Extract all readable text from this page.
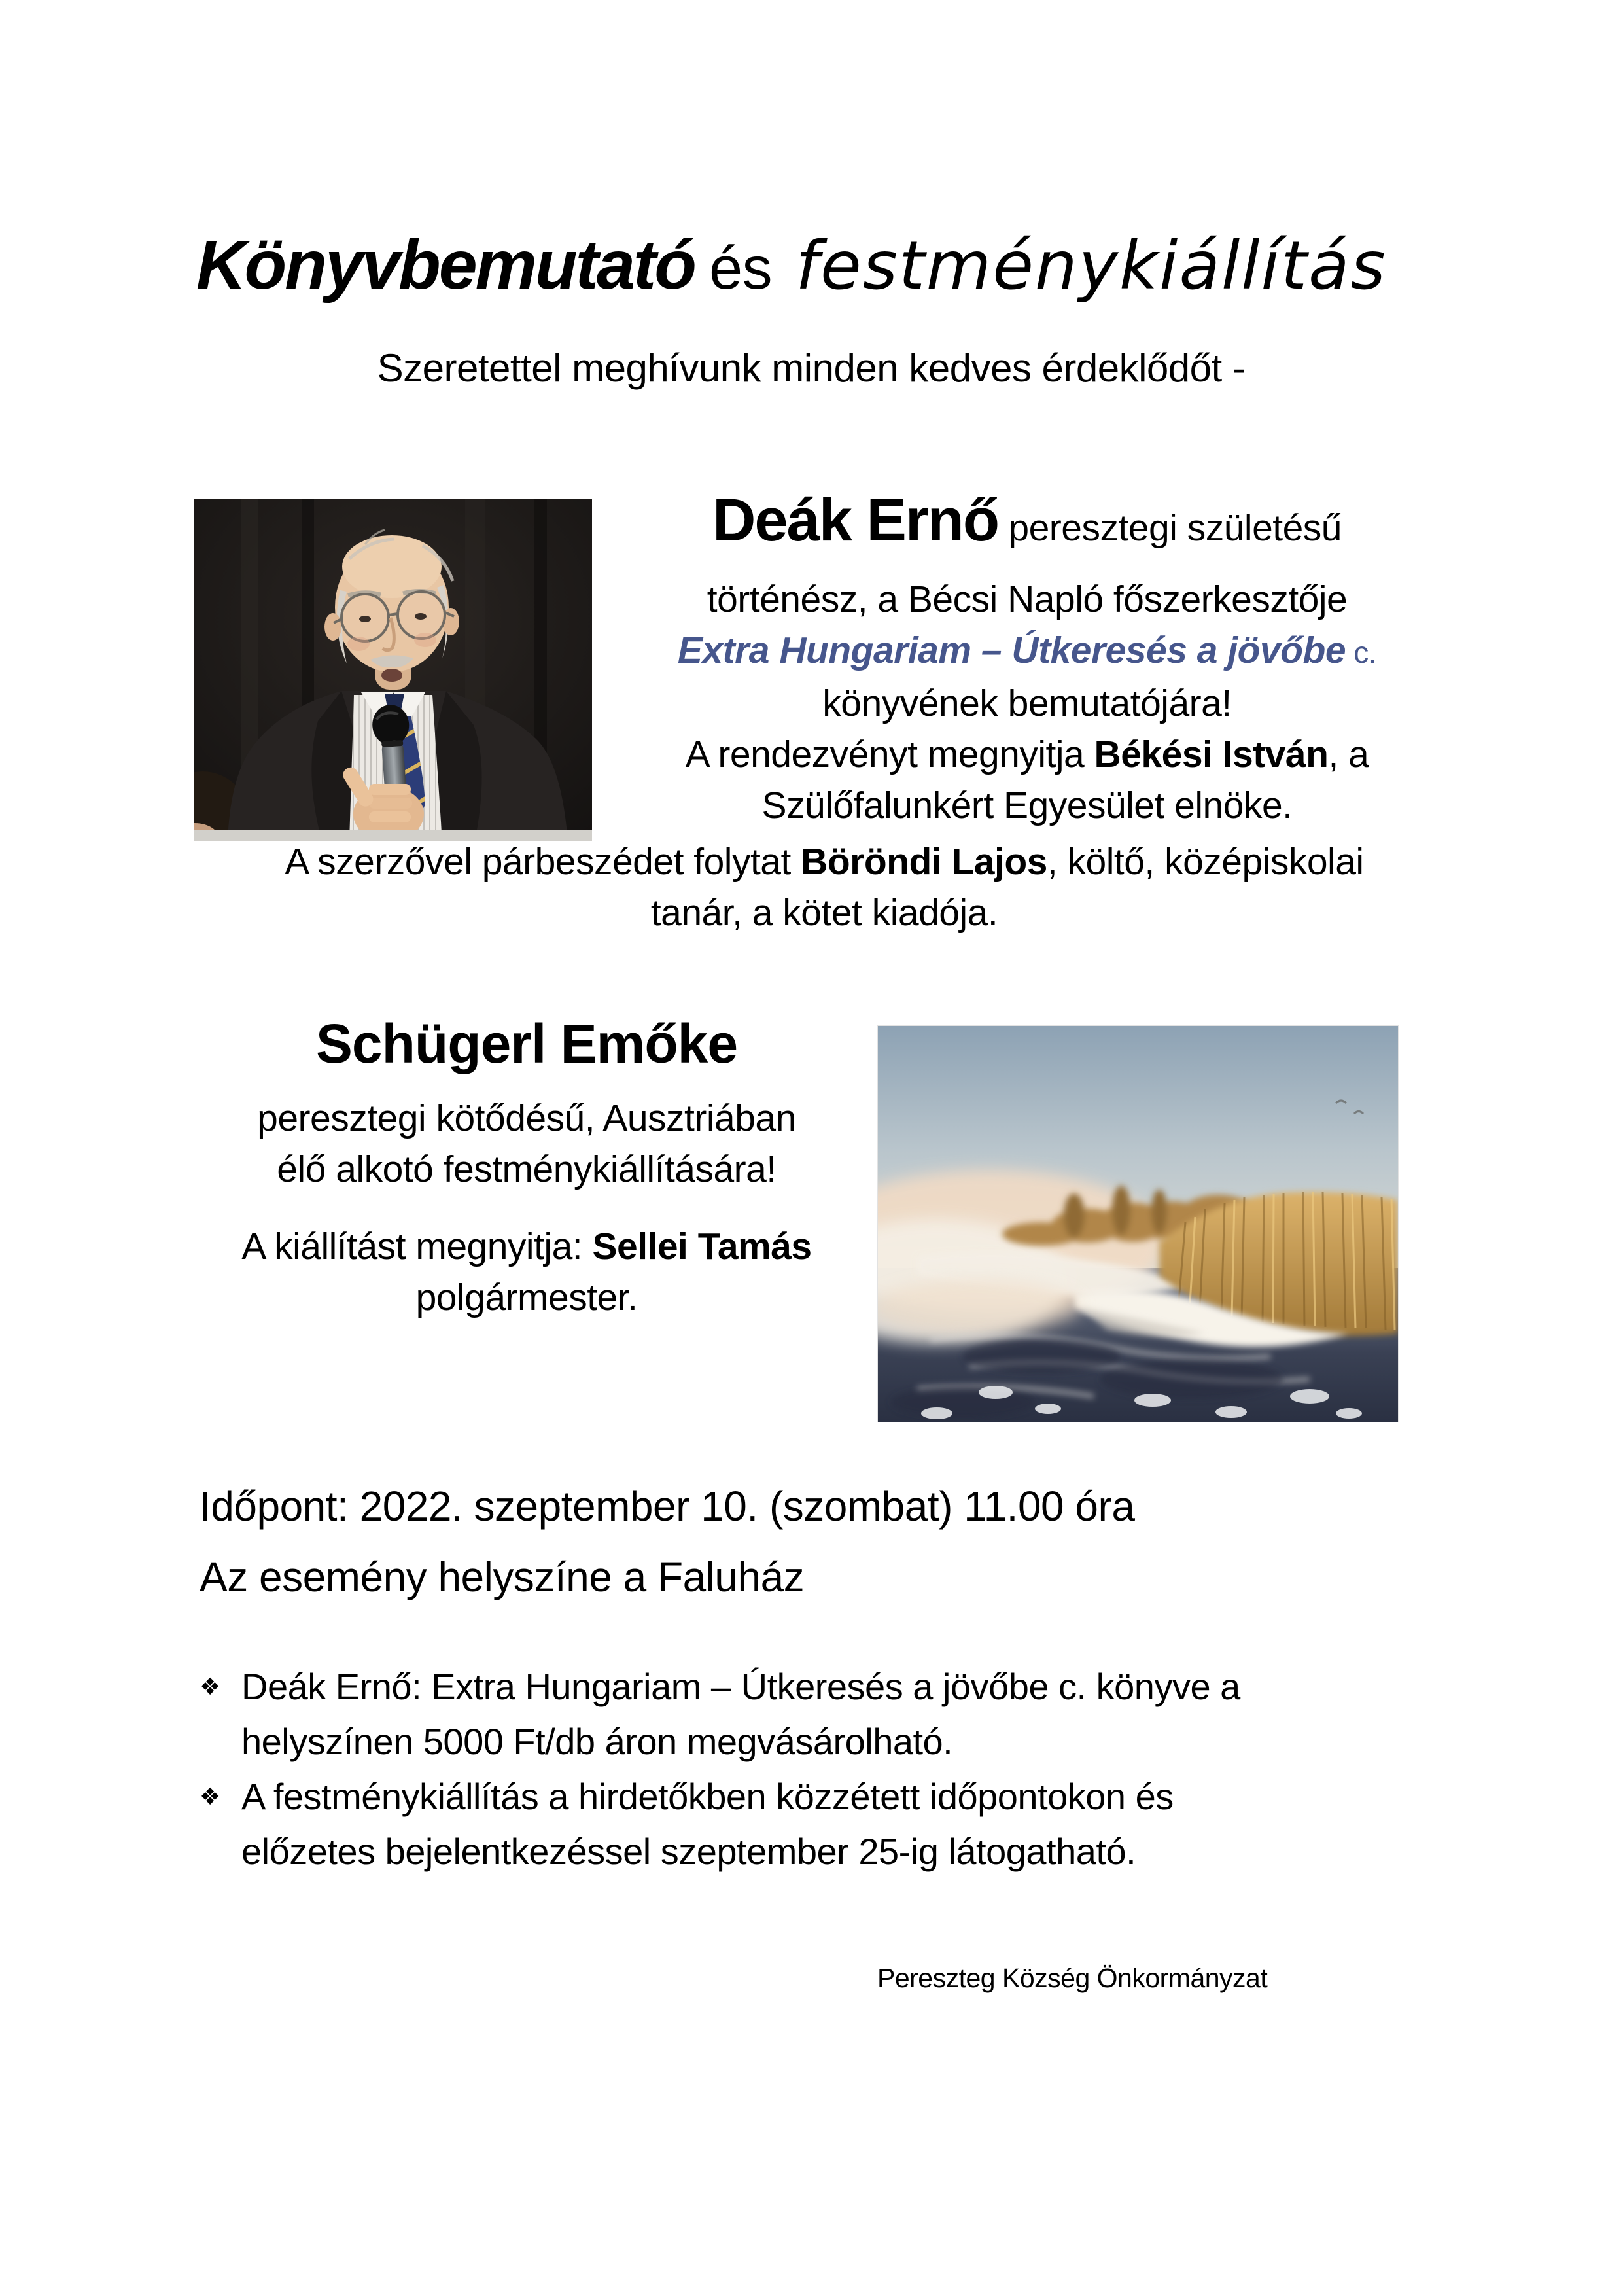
Könyvbemutató és festménykiállítás
Szeretettel meghívunk minden kedves érdeklődőt -
Deák Ernő peresztegi születésű
történész, a Bécsi Napló főszerkesztője
Extra Hungariam – Útkeresés a jövőbe c.
könyvének bemutatójára!
A rendezvényt megnyitja Békési István, a
Szülőfalunkért Egyesület elnöke.
A szerzővel párbeszédet folytat Böröndi Lajos, költő, középiskolai
tanár, a kötet kiadója.
Schügerl Emőke
peresztegi kötődésű, Ausztriában
élő alkotó festménykiállítására!
A kiállítást megnyitja: Sellei Tamás
polgármester.
Időpont: 2022. szeptember 10. (szombat) 11.00 óra
Az esemény helyszíne a Faluház
❖ Deák Ernő: Extra Hungariam – Útkeresés a jövőbe c. könyve a
helyszínen 5000 Ft/db áron megvásárolható.
❖ A festménykiállítás a hirdetőkben közzétett időpontokon és
előzetes bejelentkezéssel szeptember 25-ig látogatható.
Pereszteg Község Önkormányzat
